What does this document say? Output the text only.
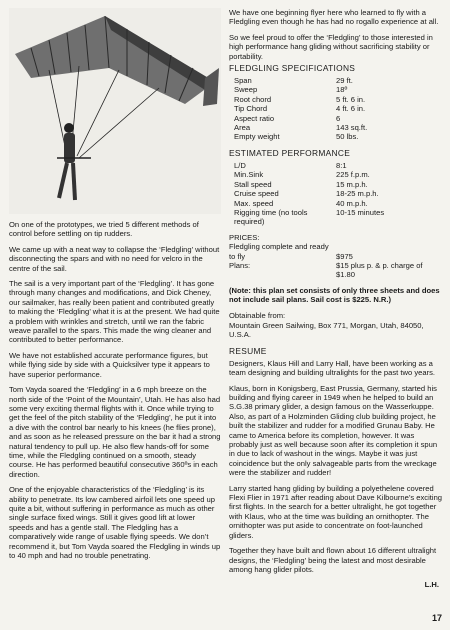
On one of the prototypes, we tried 5 different methods of control before settling on tip rudders.

We came up with a neat way to collapse the ‘Fledgling’ without disconnecting the spars and with no need for velcro in the centre of the sail.

The sail is a very important part of the ‘Fledgling’. It has gone through many changes and modifications, and Dick Cheney, our sailmaker, has really been patient and contributed greatly to making the ‘Fledgling’ what it is at the present. We had quite a problem with wrinkles and stretch, until we ran the fabric weave parallel to the spars. This made the wing cleaner and contributed to better performance.

We have not established accurate performance figures, but while flying side by side with a Quicksilver type it appears to have superior performance.

Tom Vayda soared the ‘Fledgling’ in a 6 mph breeze on the north side of the ‘Point of the Mountain’, Utah. He has also had some very exciting thermal flights with it. Once while trying to get the feel of the pitch stability of the ‘Fledgling’, he put it into a dive with the control bar nearly to his knees (he flies prone), and as soon as he released pressure on the bar it had a strong natural tendency to pull up. He also flew hands-off for some time, while the Fledgling continued on a smooth, steady course. He has performed beautiful consecutive 360ºs in each direction.

One of the enjoyable characteristics of the ‘Fledgling’ is its ability to penetrate. Its low cambered airfoil lets one speed up quite a bit, without suffering in performance as much as other single surface fixed wings. Still it gives good lift at lower speeds and has a gentle stall. The Fledgling has a comparatively wide range of usable flying speeds. We don’t recommend it, but Tom Vayda soared the Fledgling in winds up to 40 mph and had no trouble penetrating.

We have one beginning flyer here who learned to fly with a Fledgling even though he has had no rogallo experience at all.

So we feel proud to offer the ‘Fledgling’ to those interested in high performance hang gliding without sacrificing stability or portability.

FLEDGLING SPECIFICATIONS
Span	29 ft.
Sweep	18º
Root chord	5 ft. 6 in.
Tip Chord	4 ft. 6 in.
Aspect ratio	6
Area	143 sq.ft.
Empty weight	50 lbs.
ESTIMATED PERFORMANCE
L/D	8:1
Min.Sink	225 f.p.m.
Stall speed	15 m.p.h.
Cruise speed	18-25 m.p.h.
Max. speed	40 m.p.h.
Rigging time (no tools required)	10-15 minutes

PRICES:

Fledgling complete and ready to fly	$975
Plans:	$15 plus p. & p. charge of $1.80

(Note: this plan set consists of only three sheets and does not include sail plans. Sail cost is $225. N.R.)

Obtainable from:

Mountain Green Sailwing, Box 771, Morgan, Utah, 84050, U.S.A.

RESUME

Designers, Klaus Hill and Larry Hall, have been working as a team designing and building ultralights for the past two years.

Klaus, born in Konigsberg, East Prussia, Germany, started his building and flying career in 1949 when he helped to build an S.G.38 primary glider, a design famous on the Wasserkuppe. Also, as part of a Holzminden Gliding club building project, he built the stabilizer and rudder for a modified Grunau Baby. He came to America before its completion, however. It was probably just as well because soon after its completion it spun in due to lack of washout in the wings. Maybe it was just coincidence but the only salvageable parts from the wreckage were the stabilizer and rudder!

Larry started hang gliding by building a polyethelene covered Flexi Flier in 1971 after reading about Dave Kilbourne’s exciting first flights. In the search for a better ultralight, he got together with Klaus, who at the time was building an ornithopter. The ornithopter was put aside to concentrate on foot-launched gliders.

Together they have built and flown about 16 different ultralight designs, the ‘Fledgling’ being the latest and most desirable among hang glider pilots.

L.H.

17
